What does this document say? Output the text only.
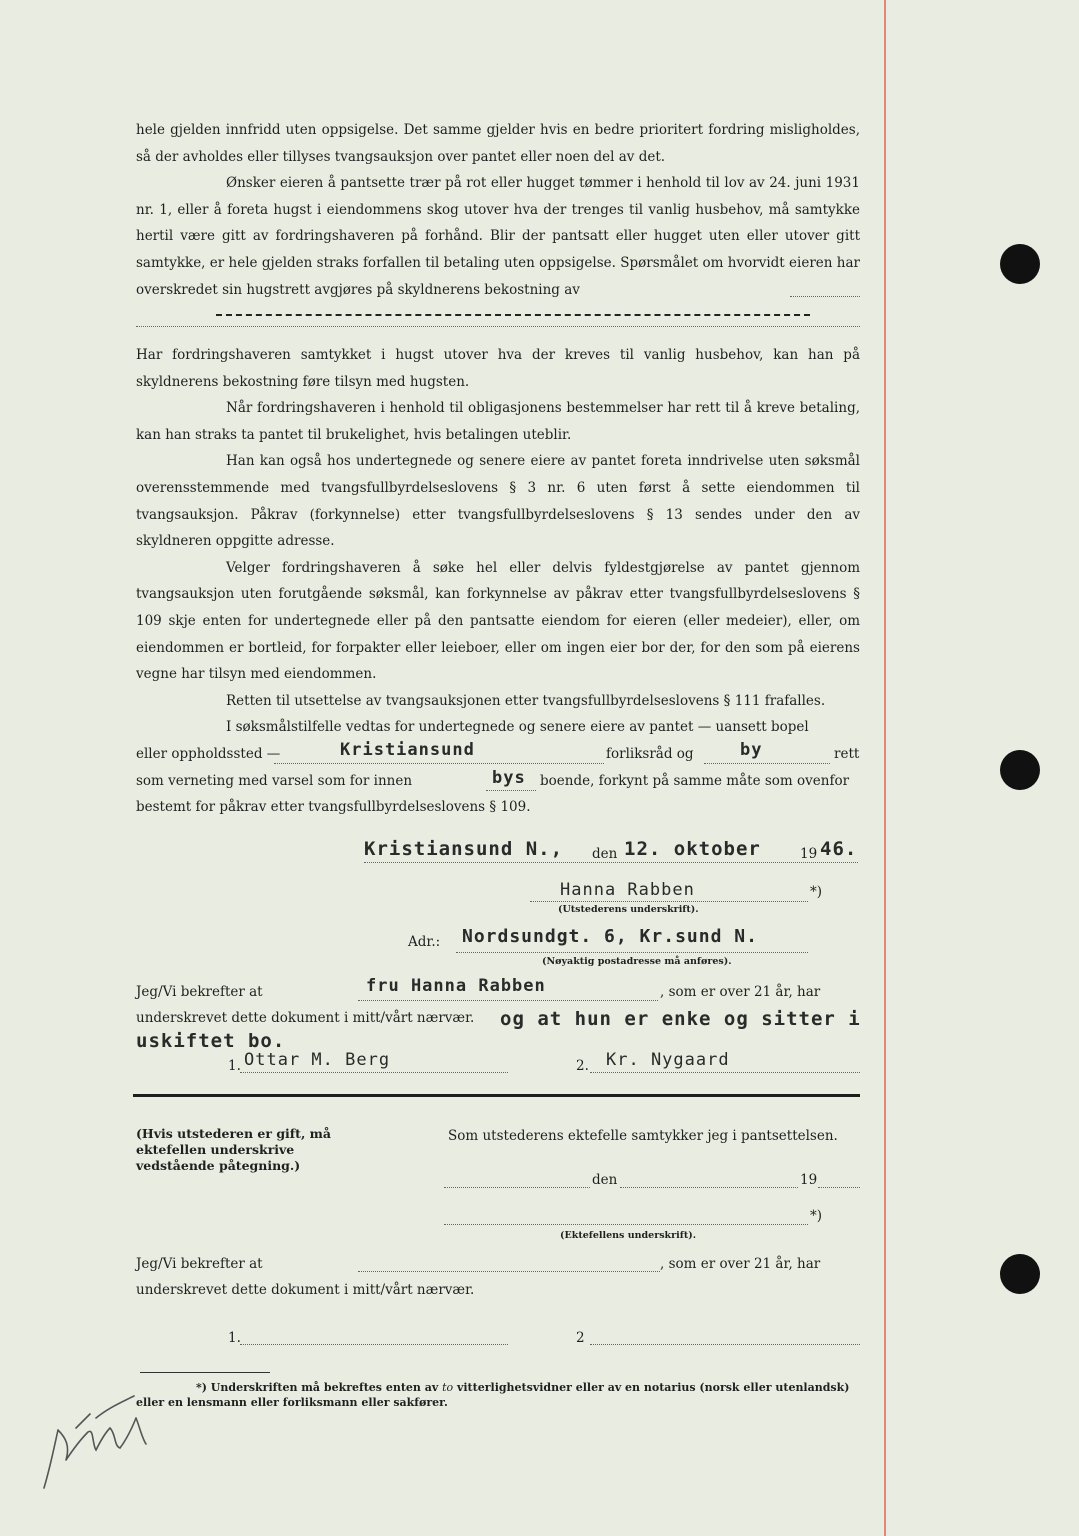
hele gjelden innfridd uten oppsigelse. Det samme gjelder hvis en bedre prioritert fordring misligholdes, så der avholdes eller tillyses tvangsauksjon over pantet eller noen del av det.

Ønsker eieren å pantsette trær på rot eller hugget tømmer i henhold til lov av 24. juni 1931 nr. 1, eller å foreta hugst i eiendommens skog utover hva der trenges til vanlig husbehov, må samtykke hertil være gitt av fordringshaveren på forhånd. Blir der pantsatt eller hugget uten eller utover gitt samtykke, er hele gjelden straks forfallen til betaling uten oppsigelse. Spørsmålet om hvorvidt eieren har overskredet sin hugstrett avgjøres på skyldnerens bekostning av

Har fordringshaveren samtykket i hugst utover hva der kreves til vanlig husbehov, kan han på skyldnerens bekostning føre tilsyn med hugsten.

Når fordringshaveren i henhold til obligasjonens bestemmelser har rett til å kreve betaling, kan han straks ta pantet til brukelighet, hvis betalingen uteblir.

Han kan også hos undertegnede og senere eiere av pantet foreta inndrivelse uten søksmål overensstemmende med tvangsfullbyrdelseslovens § 3 nr. 6 uten først å sette eiendommen til tvangsauksjon. Påkrav (forkynnelse) etter tvangsfullbyrdelseslovens § 13 sendes under den av skyldneren oppgitte adresse.

Velger fordringshaveren å søke hel eller delvis fyldestgjørelse av pantet gjennom tvangsauksjon uten forutgående søksmål, kan forkynnelse av påkrav etter tvangsfullbyrdelseslovens § 109 skje enten for undertegnede eller på den pantsatte eiendom for eieren (eller medeier), eller, om eiendommen er bortleid, for forpakter eller leieboer, eller om ingen eier bor der, for den som på eierens vegne har tilsyn med eiendommen.

Retten til utsettelse av tvangsauksjonen etter tvangsfullbyrdelseslovens § 111 frafalles.

I søksmålstilfelle vedtas for undertegnede og senere eiere av pantet — uansett bopel

eller oppholdssted —	Kristiansund	forliksråd og	by	rett
som verneting med varsel som for innen	bys boende, forkynt på samme måte som ovenfor
bestemt for påkrav etter tvangsfullbyrdelseslovens § 109.
Kristiansund N., den 12. oktober	19 46.
Hanna Rabben	*)
(Utstederens underskrift).
Adr.: Nordsundgt. 6, Kr.sund N.
(Nøyaktig postadresse må anføres).
Jeg/Vi bekrefter at	fru Hanna Rabben	, som er over 21 år, har
underskrevet dette dokument i mitt/vårt nærvær. og at hun er enke og sitter i
uskiftet bo.
1. Ottar M. Berg	2. Kr. Nygaard
(Hvis utstederen er gift, må ektefellen underskrive vedstående påtegning.)
Som utstederens ektefelle samtykker jeg i pantsettelsen.
den	19
*)
(Ektefellens underskrift).
Jeg/Vi bekrefter at	, som er over 21 år, har
underskrevet dette dokument i mitt/vårt nærvær.
1.	2
*) Underskriften må bekreftes enten av to vitterlighetsvidner eller av en notarius (norsk eller utenlandsk) eller en lensmann eller forliksmann eller sakfører.
